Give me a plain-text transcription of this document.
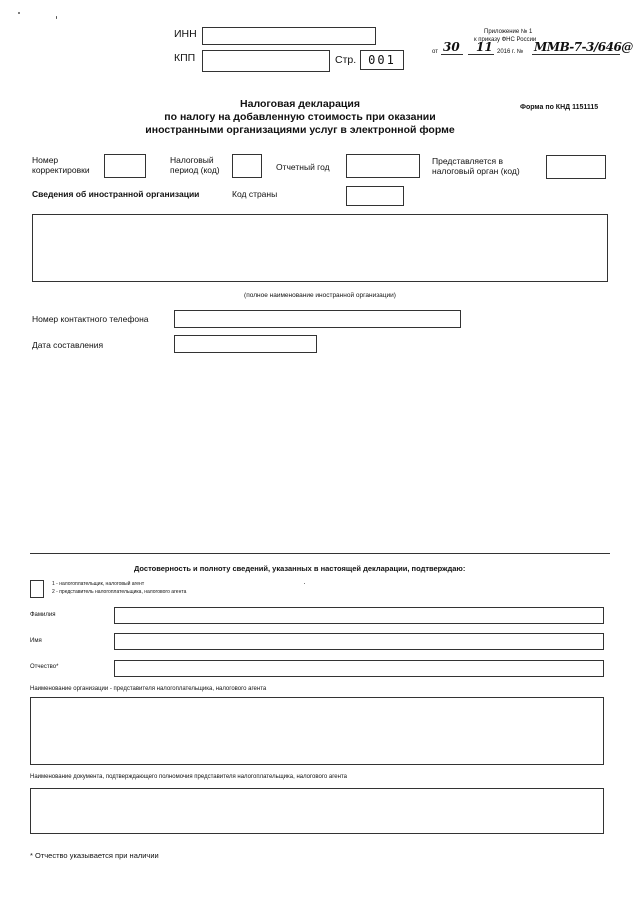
ИНН
КПП	Стр.	001
Приложение № 1
к приказу ФНС России
от 30 11 2016 г. № ММВ-7-3/646@
Налоговая декларация
по налогу на добавленную стоимость при оказании
иностранными организациями услуг в электронной форме
Форма по КНД 1151115
Номер
корректировки
Налоговый
период (код)	Отчетный год
Представляется в
налоговый орган (код)
Сведения об иностранной организации	Код страны
(полное наименование иностранной организации)
Номер контактного телефона
Дата составления
Достоверность и полноту сведений, указанных в настоящей декларации, подтверждаю:
1 - налогоплательщик, налоговый агент
2 - представитель налогоплательщика, налогового агента
Фамилия
Имя
Отчество*
Наименование организации - представителя налогоплательщика, налогового агента
Наименование документа, подтверждающего полномочия представителя налогоплательщика, налогового агента
* Отчество указывается при наличии
